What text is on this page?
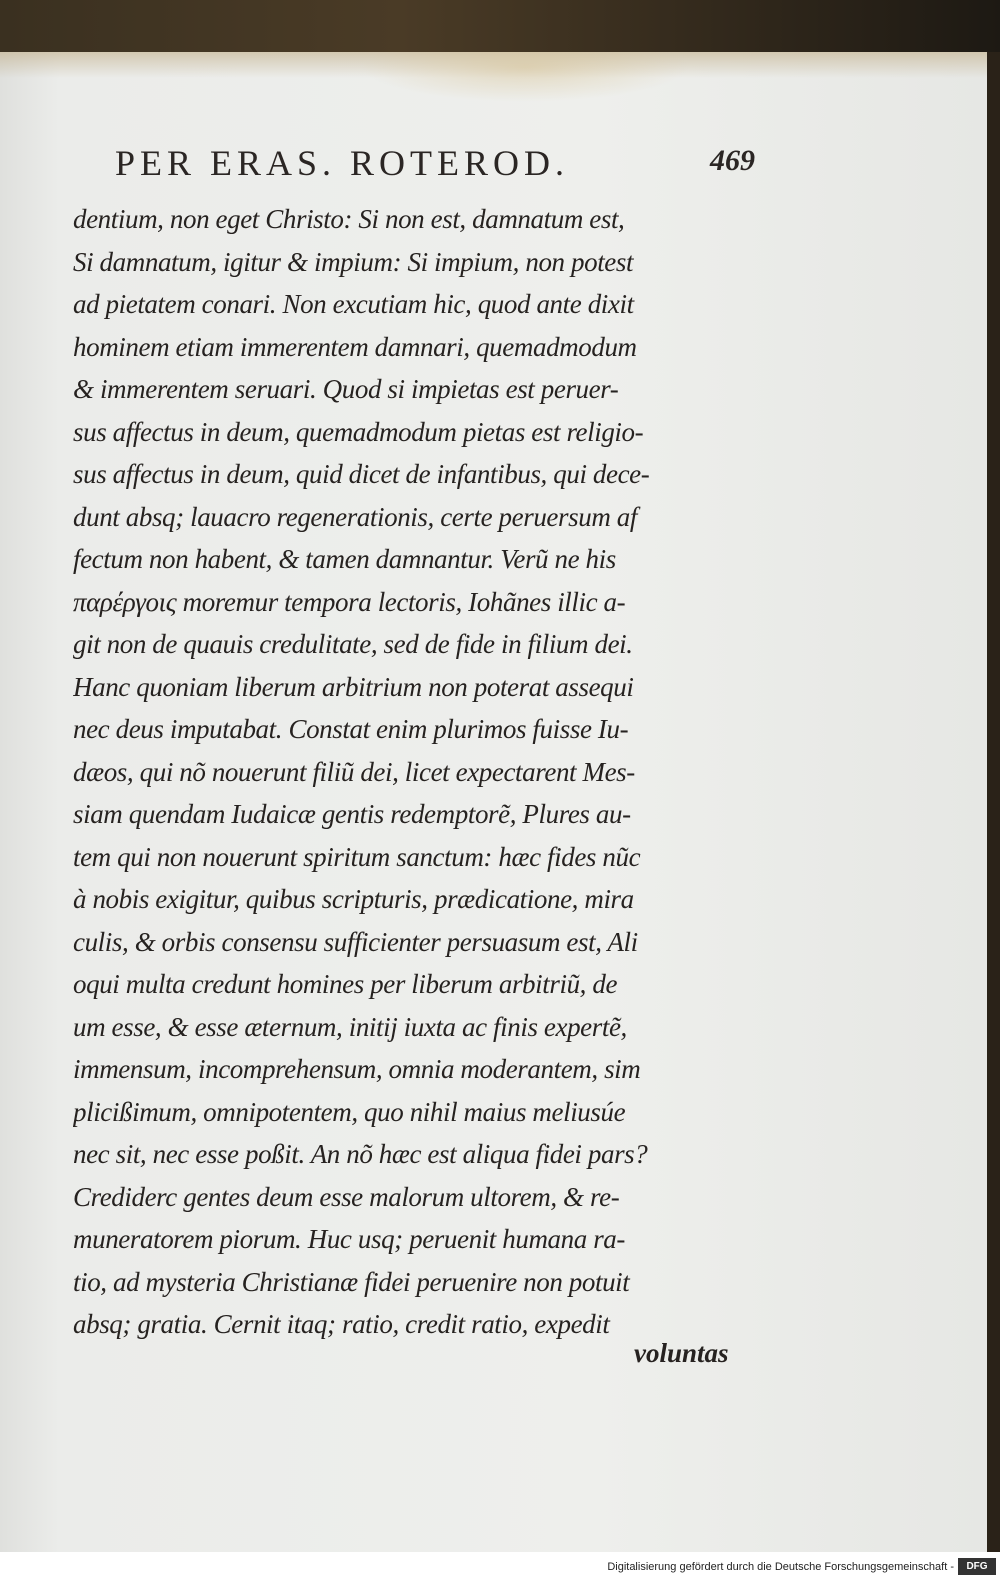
PER ERAS. ROTEROD.	469
dentium, non eget Christo: Si non est, damnatum est,
Si damnatum, igitur & impium: Si impium, non potest
ad pietatem conari. Non excutiam hic, quod ante dixit
hominem etiam immerentem damnari, quemadmodum
& immerentem seruari. Quod si impietas est peruer-
sus affectus in deum, quemadmodum pietas est religio-
sus affectus in deum, quid dicet de infantibus, qui dece-
dunt absq; lauacro regenerationis, certe peruersum af
fectum non habent, & tamen damnantur. Verũ ne his
παρέργοις moremur tempora lectoris, Iohãnes illic a-
git non de quauis credulitate, sed de fide in filium dei.
Hanc quoniam liberum arbitrium non poterat assequi
nec deus imputabat. Constat enim plurimos fuisse Iu-
dæos, qui nõ nouerunt filiũ dei, licet expectarent Mes-
siam quendam Iudaicæ gentis redemptorẽ, Plures au-
tem qui non nouerunt spiritum sanctum: hæc fides nũc
à nobis exigitur, quibus scripturis, prædicatione, mira
culis, & orbis consensu sufficienter persuasum est, Ali
oqui multa credunt homines per liberum arbitriũ, de
um esse, & esse æternum, initij iuxta ac finis expertẽ,
immensum, incomprehensum, omnia moderantem, sim
plicißimum, omnipotentem, quo nihil maius meliusúe
nec sit, nec esse poßit. An nõ hæc est aliqua fidei pars?
Crediderc gentes deum esse malorum ultorem, & re-
muneratorem piorum. Huc usq; peruenit humana ra-
tio, ad mysteria Christianæ fidei peruenire non potuit
absq; gratia. Cernit itaq; ratio, credit ratio, expedit
voluntas
Digitalisierung gefördert durch die Deutsche Forschungsgemeinschaft -	DFG
